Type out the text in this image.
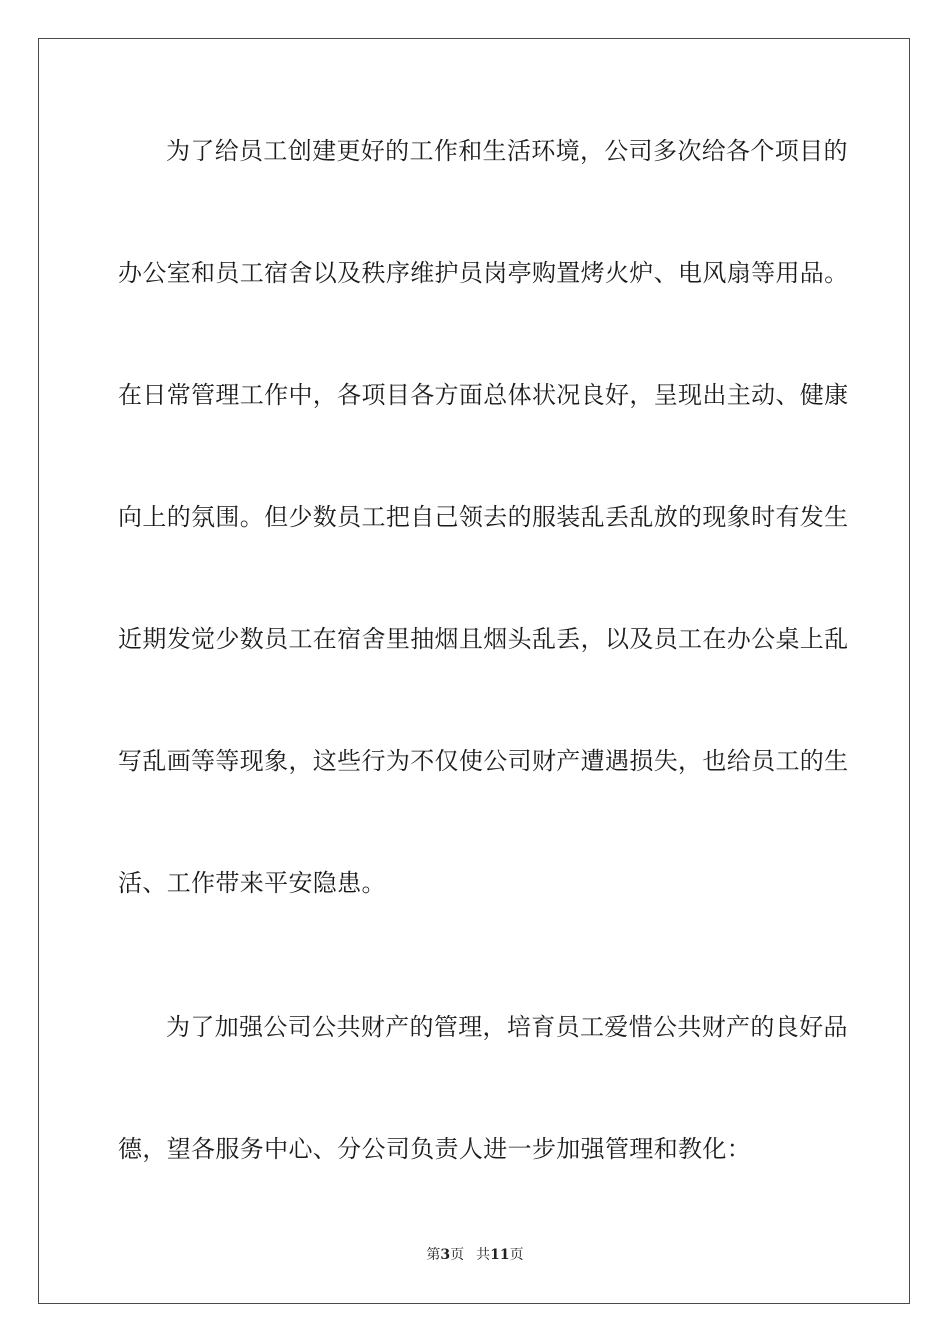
为了给员工创建更好的工作和生活环境，公司多次给各个项目的
办公室和员工宿舍以及秩序维护员岗亭购置烤火炉、电风扇等用品。
在日常管理工作中，各项目各方面总体状况良好，呈现出主动、健康
向上的氛围。但少数员工把自己领去的服装乱丢乱放的现象时有发生
近期发觉少数员工在宿舍里抽烟且烟头乱丢，以及员工在办公桌上乱
写乱画等等现象，这些行为不仅使公司财产遭遇损失，也给员工的生
活、工作带来平安隐患。
为了加强公司公共财产的管理，培育员工爱惜公共财产的良好品
德，望各服务中心、分公司负责人进一步加强管理和教化：
第3页 共11页
